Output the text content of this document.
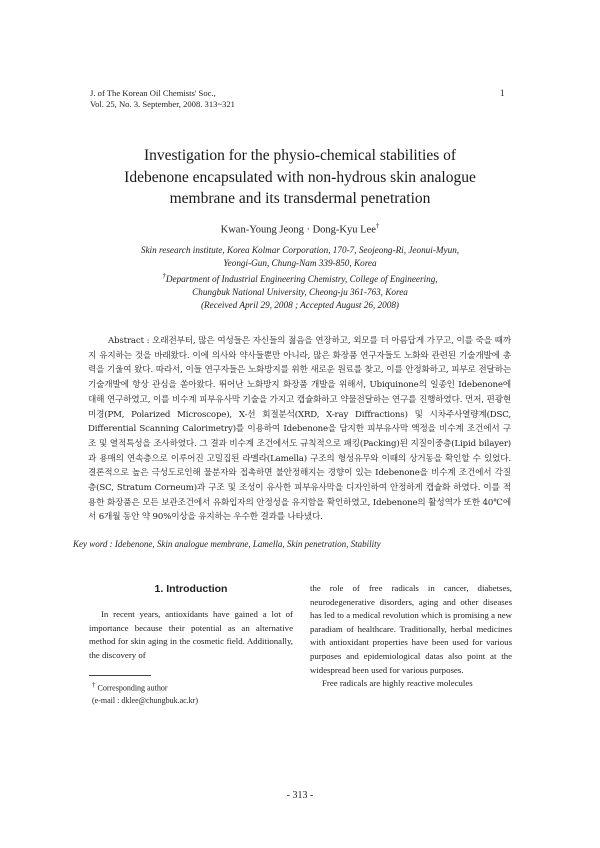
J. of The Korean Oil Chemists' Soc.,
Vol. 25, No. 3. September, 2008. 313~321
1
Investigation for the physio-chemical stabilities of
Idebenone encapsulated with non-hydrous skin analogue
membrane and its transdermal penetration
Kwan-Young Jeong · Dong-Kyu Lee†
Skin research institute, Korea Kolmar Corporation, 170-7, Seojeong-Ri, Jeonui-Myun,
Yeongi-Gun, Chung-Nam 339-850, Korea
†Department of Industrial Engineering Chemistry, College of Engineering,
Chungbuk National University, Cheong-ju 361-763, Korea
(Received April 29, 2008 ; Accepted August 26, 2008)
Abstract : 오래전부터, 많은 여성들은 자신들의 젊음을 연장하고, 외모를 더 아름답게 가꾸고, 이를 죽을 때까지 유지하는 것을 바래왔다. 이에 의사와 약사들뿐만 아니라, 많은 화장품 연구자들도 노화와 관련된 기술개발에 총력을 기울여 왔다. 따라서, 이들 연구자들은 노화방지를 위한 새로운 원료를 찾고, 이를 안정화하고, 피부로 전달하는 기술개발에 항상 관심을 쏟아왔다. 뛰어난 노화방지 화장품 개발을 위해서, Ubiquinone의 일종인 Idebenone에 대해 연구하였고, 이를 비수계 피부유사막 기술을 가지고 캡슐화하고 약물전달하는 연구를 진행하였다. 먼저, 편광현미경(PM, Polarized Microscope), X-선 회절분석(XRD, X-ray Diffractions) 및 시차주사열량계(DSC, Differential Scanning Calorimetry)를 이용하여 Idebenone을 담지한 피부유사막 액정을 비수계 조건에서 구조 및 열적특성을 조사하였다. 그 결과 비수계 조건에서도 규칙적으로 패킹(Packing)된 지질이중층(Lipid bilayer)과 용매의 연속층으로 이루어진 고밀집된 라멜라(Lamella) 구조의 형성유무와 이때의 상거동을 확인할 수 있었다. 결론적으로 높은 극성도로인해 물분자와 접촉하면 불안정해지는 경향이 있는 Idebenone을 비수계 조건에서 각질층(SC, Stratum Corneum)과 구조 및 조성이 유사한 피부유사막을 디자인하여 안정하게 캡슐화 하였다. 이를 적용한 화장품은 모든 보관조건에서 유화입자의 안정성을 유지함을 확인하였고, Idebenone의 활성역가 또한 40℃에서 6개월 동안 약 90%이상을 유지하는 우수한 결과를 나타냈다.
Key word : Idebenone, Skin analogue membrane, Lamella, Skin penetration, Stability
1. Introduction

In recent years, antioxidants have gained a lot of importance because their potential as an alternative method for skin aging in the cosmetic field. Additionally, the discovery of

the role of free radicals in cancer, diabetses, neurodegenerative disorders, aging and other diseases has led to a medical revolution which is promising a new paradiam of healthcare. Traditionally, herbal medicines with antioxidant properties have been used for various purposes and epidemiological datas also point at the widespread been used for various purposes.

Free radicals are highly reactive molecules

† Corresponding author
(e-mail : dklee@chungbuk.ac.kr)
- 313 -
